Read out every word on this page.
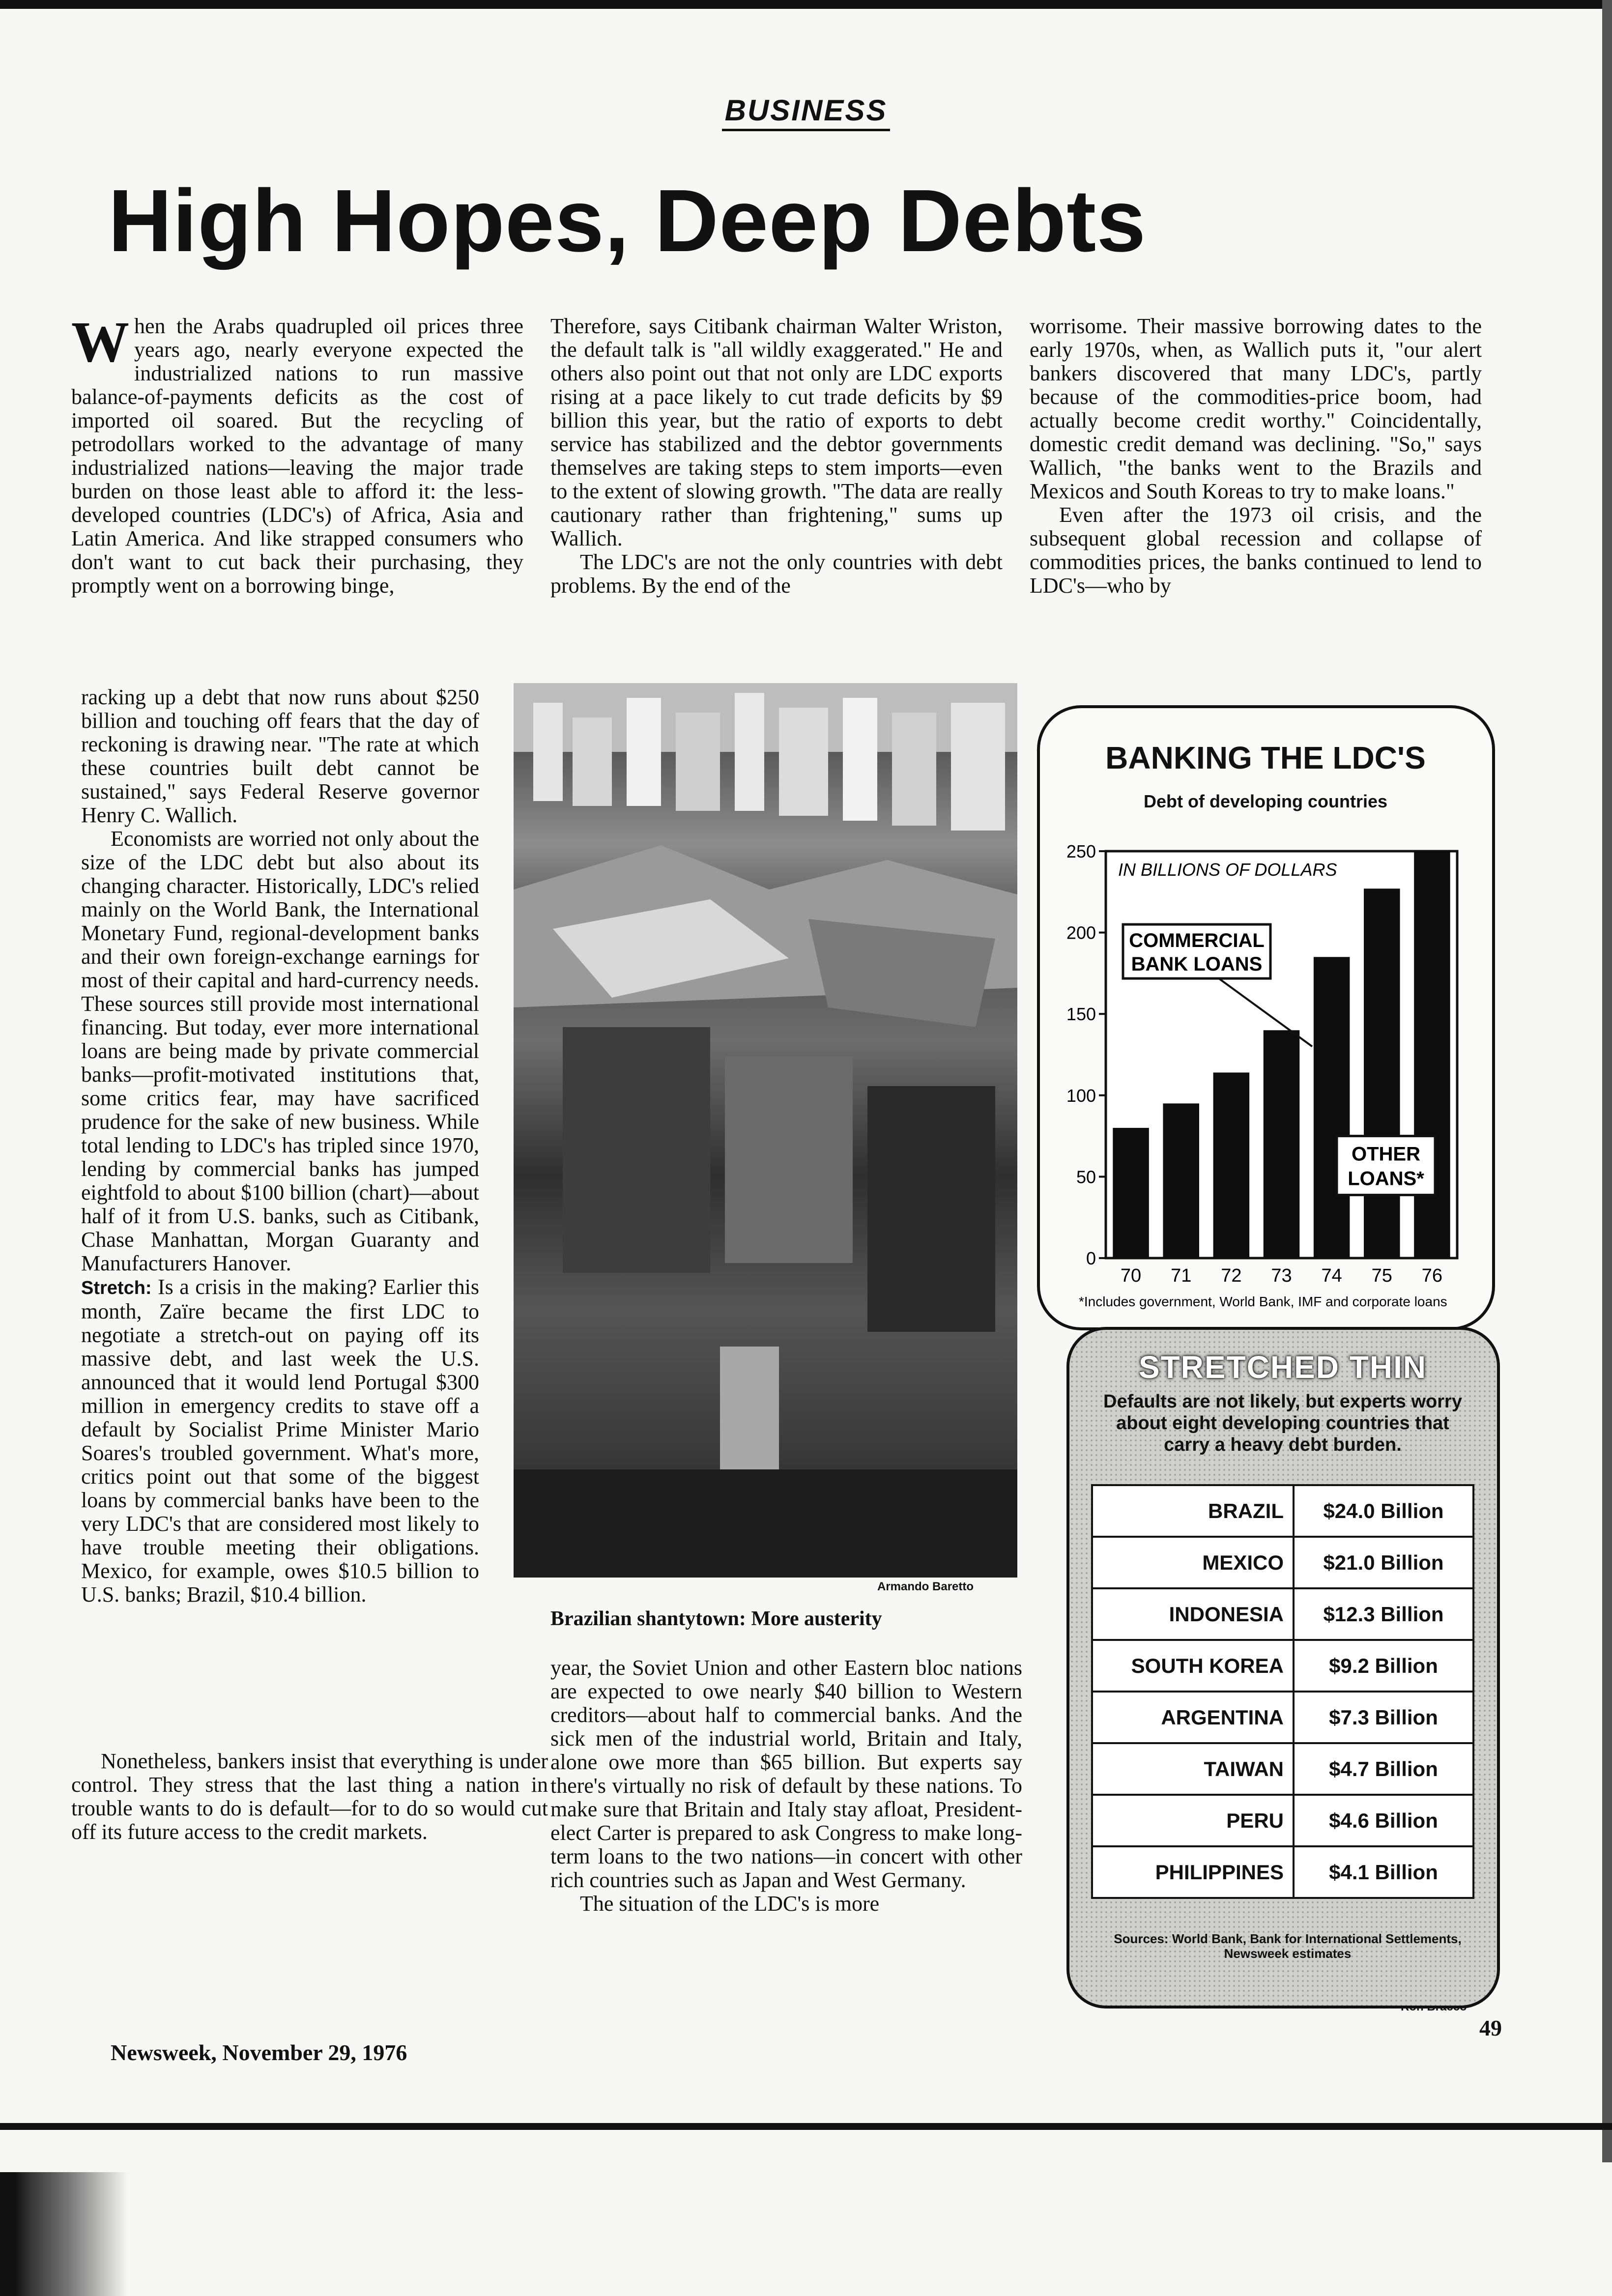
BUSINESS
High Hopes, Deep Debts

When the Arabs quadrupled oil prices three years ago, nearly everyone expected the industrialized nations to run massive balance-of-payments deficits as the cost of imported oil soared. But the recycling of petrodollars worked to the advantage of many industrialized nations—leaving the major trade burden on those least able to afford it: the less-developed countries (LDC's) of Africa, Asia and Latin America. And like strapped consumers who don't want to cut back their purchasing, they promptly went on a borrowing binge,

racking up a debt that now runs about $250 billion and touching off fears that the day of reckoning is drawing near. "The rate at which these countries built debt cannot be sustained," says Federal Reserve governor Henry C. Wallich.

Economists are worried not only about the size of the LDC debt but also about its changing character. Historically, LDC's relied mainly on the World Bank, the International Monetary Fund, regional-development banks and their own foreign-exchange earnings for most of their capital and hard-currency needs. These sources still provide most international financing. But today, ever more international loans are being made by private commercial banks—profit-motivated institutions that, some critics fear, may have sacrificed prudence for the sake of new business. While total lending to LDC's has tripled since 1970, lending by commercial banks has jumped eightfold to about $100 billion (chart)—about half of it from U.S. banks, such as Citibank, Chase Manhattan, Morgan Guaranty and Manufacturers Hanover.

Stretch: Is a crisis in the making? Earlier this month, Zaïre became the first LDC to negotiate a stretch-out on paying off its massive debt, and last week the U.S. announced that it would lend Portugal $300 million in emergency credits to stave off a default by Socialist Prime Minister Mario Soares's troubled government. What's more, critics point out that some of the biggest loans by commercial banks have been to the very LDC's that are considered most likely to have trouble meeting their obligations. Mexico, for example, owes $10.5 billion to U.S. banks; Brazil, $10.4 billion.

Nonetheless, bankers insist that everything is under control. They stress that the last thing a nation in trouble wants to do is default—for to do so would cut off its future access to the credit markets.

Therefore, says Citibank chairman Walter Wriston, the default talk is "all wildly exaggerated." He and others also point out that not only are LDC exports rising at a pace likely to cut trade deficits by $9 billion this year, but the ratio of exports to debt service has stabilized and the debtor governments themselves are taking steps to stem imports—even to the extent of slowing growth. "The data are really cautionary rather than frightening," sums up Wallich.

The LDC's are not the only countries with debt problems. By the end of the

year, the Soviet Union and other Eastern bloc nations are expected to owe nearly $40 billion to Western creditors—about half to commercial banks. And the sick men of the industrial world, Britain and Italy, alone owe more than $65 billion. But experts say there's virtually no risk of default by these nations. To make sure that Britain and Italy stay afloat, President-elect Carter is prepared to ask Congress to make long-term loans to the two nations—in concert with other rich countries such as Japan and West Germany.

The situation of the LDC's is more

worrisome. Their massive borrowing dates to the early 1970s, when, as Wallich puts it, "our alert bankers discovered that many LDC's, partly because of the commodities-price boom, had actually become credit worthy." Coincidentally, domestic credit demand was declining. "So," says Wallich, "the banks went to the Brazils and Mexicos and South Koreas to try to make loans."

Even after the 1973 oil crisis, and the subsequent global recession and collapse of commodities prices, the banks continued to lend to LDC's—who by

Armando Baretto
Brazilian shantytown: More austerity
BANKING THE LDC'S
Debt of developing countries
0
50
100
150
200
250
IN BILLIONS OF DOLLARS
70 71 72 73 74 75 76
COMMERCIAL
BANK LOANS
OTHER
LOANS*
*Includes government, World Bank, IMF and corporate loans
STRETCHED THIN
Defaults are not likely, but experts worry about eight developing countries that carry a heavy debt burden.
BRAZIL	$24.0 Billion
MEXICO	$21.0 Billion
INDONESIA	$12.3 Billion
SOUTH KOREA	$9.2 Billion
ARGENTINA	$7.3 Billion
TAIWAN	$4.7 Billion
PERU	$4.6 Billion
PHILIPPINES	$4.1 Billion
Sources: World Bank, Bank for International Settlements, Newsweek estimates
Newsweek, November 29, 1976
49
